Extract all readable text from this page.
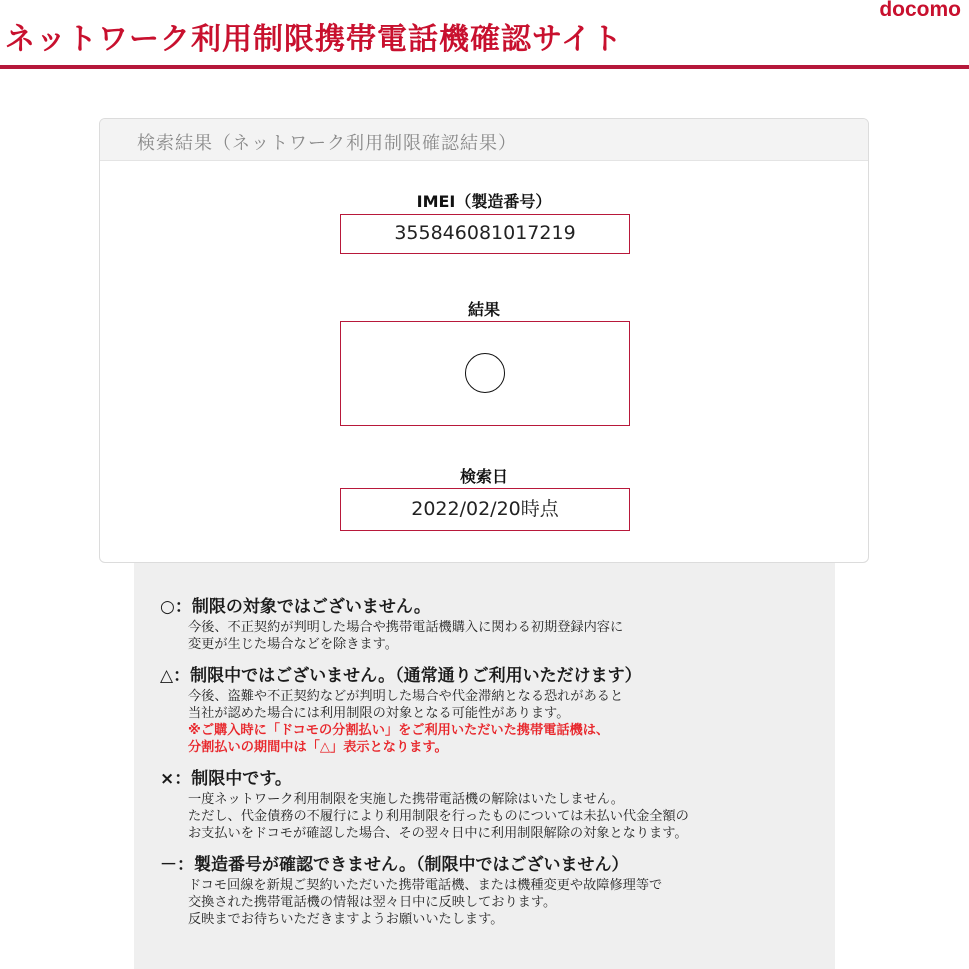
ネットワーク利用制限携帯電話機確認サイト
docomo
検索結果（ネットワーク利用制限確認結果）
IMEI（製造番号）
355846081017219
結果
検索日
2022/02/20時点
○：制限の対象ではございません。
今後、不正契約が判明した場合や携帯電話機購入に関わる初期登録内容に
変更が生じた場合などを除きます。
△：制限中ではございません。（通常通りご利用いただけます）
今後、盗難や不正契約などが判明した場合や代金滞納となる恐れがあると
当社が認めた場合には利用制限の対象となる可能性があります。
※ご購入時に「ドコモの分割払い」をご利用いただいた携帯電話機は、
分割払いの期間中は「△」表示となります。
×：制限中です。
一度ネットワーク利用制限を実施した携帯電話機の解除はいたしません。
ただし、代金債務の不履行により利用制限を行ったものについては未払い代金全額の
お支払いをドコモが確認した場合、その翌々日中に利用制限解除の対象となります。
－：製造番号が確認できません。（制限中ではございません）
ドコモ回線を新規ご契約いただいた携帯電話機、または機種変更や故障修理等で
交換された携帯電話機の情報は翌々日中に反映しております。
反映までお待ちいただきますようお願いいたします。
